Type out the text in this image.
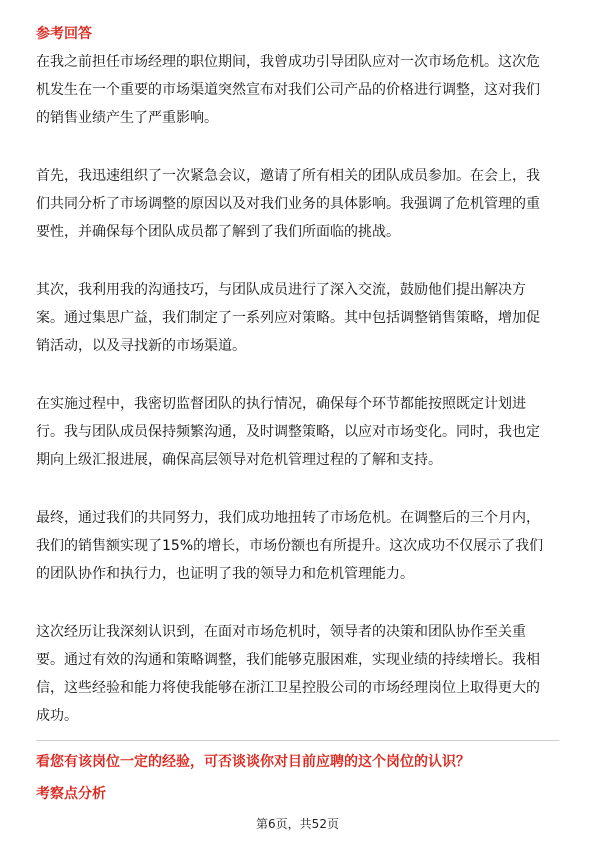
参考回答
在我之前担任市场经理的职位期间，我曾成功引导团队应对一次市场危机。这次危
机发生在一个重要的市场渠道突然宣布对我们公司产品的价格进行调整，这对我们
的销售业绩产生了严重影响。
首先，我迅速组织了一次紧急会议，邀请了所有相关的团队成员参加。在会上，我
们共同分析了市场调整的原因以及对我们业务的具体影响。我强调了危机管理的重
要性，并确保每个团队成员都了解到了我们所面临的挑战。
其次，我利用我的沟通技巧，与团队成员进行了深入交流，鼓励他们提出解决方
案。通过集思广益，我们制定了一系列应对策略。其中包括调整销售策略，增加促
销活动，以及寻找新的市场渠道。
在实施过程中，我密切监督团队的执行情况，确保每个环节都能按照既定计划进
行。我与团队成员保持频繁沟通，及时调整策略，以应对市场变化。同时，我也定
期向上级汇报进展，确保高层领导对危机管理过程的了解和支持。
最终，通过我们的共同努力，我们成功地扭转了市场危机。在调整后的三个月内，
我们的销售额实现了15%的增长，市场份额也有所提升。这次成功不仅展示了我们
的团队协作和执行力，也证明了我的领导力和危机管理能力。
这次经历让我深刻认识到，在面对市场危机时，领导者的决策和团队协作至关重
要。通过有效的沟通和策略调整，我们能够克服困难，实现业绩的持续增长。我相
信，这些经验和能力将使我能够在浙江卫星控股公司的市场经理岗位上取得更大的
成功。
看您有该岗位一定的经验，可否谈谈你对目前应聘的这个岗位的认识？
考察点分析
第6页，共52页
